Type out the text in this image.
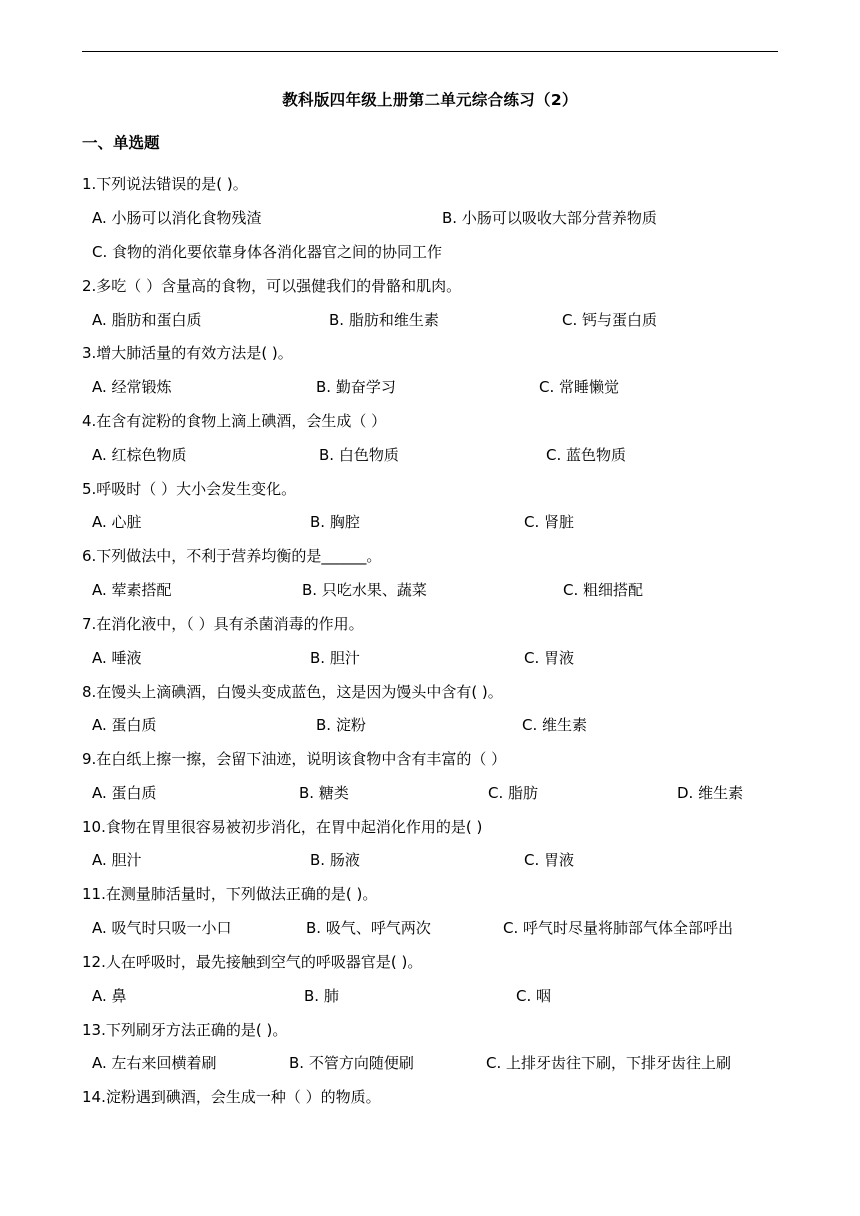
教科版四年级上册第二单元综合练习（2）
一、单选题
1.下列说法错误的是( )。
A. 小肠可以消化食物残渣	B. 小肠可以吸收大部分营养物质
C. 食物的消化要依靠身体各消化器官之间的协同工作
2.多吃（ ）含量高的食物，可以强健我们的骨骼和肌肉。
A. 脂肪和蛋白质	B. 脂肪和维生素	C. 钙与蛋白质
3.增大肺活量的有效方法是( )。
A. 经常锻炼	B. 勤奋学习	C. 常睡懒觉
4.在含有淀粉的食物上滴上碘酒，会生成（ ）
A. 红棕色物质	B. 白色物质	C. 蓝色物质
5.呼吸时（ ）大小会发生变化。
A. 心脏	B. 胸腔	C. 肾脏
6.下列做法中，不利于营养均衡的是______。
A. 荤素搭配	B. 只吃水果、蔬菜	C. 粗细搭配
7.在消化液中，（ ）具有杀菌消毒的作用。
A. 唾液	B. 胆汁	C. 胃液
8.在馒头上滴碘酒，白馒头变成蓝色，这是因为馒头中含有( )。
A. 蛋白质	B. 淀粉	C. 维生素
9.在白纸上擦一擦，会留下油迹，说明该食物中含有丰富的（ ）
A. 蛋白质	B. 糖类	C. 脂肪	D. 维生素
10.食物在胃里很容易被初步消化，在胃中起消化作用的是( )
A. 胆汁	B. 肠液	C. 胃液
11.在测量肺活量时，下列做法正确的是( )。
A. 吸气时只吸一小口	B. 吸气、呼气两次	C. 呼气时尽量将肺部气体全部呼出
12.人在呼吸时，最先接触到空气的呼吸器官是( )。
A. 鼻	B. 肺	C. 咽
13.下列刷牙方法正确的是( )。
A. 左右来回横着刷	B. 不管方向随便刷	C. 上排牙齿往下刷，下排牙齿往上刷
14.淀粉遇到碘酒，会生成一种（ ）的物质。
